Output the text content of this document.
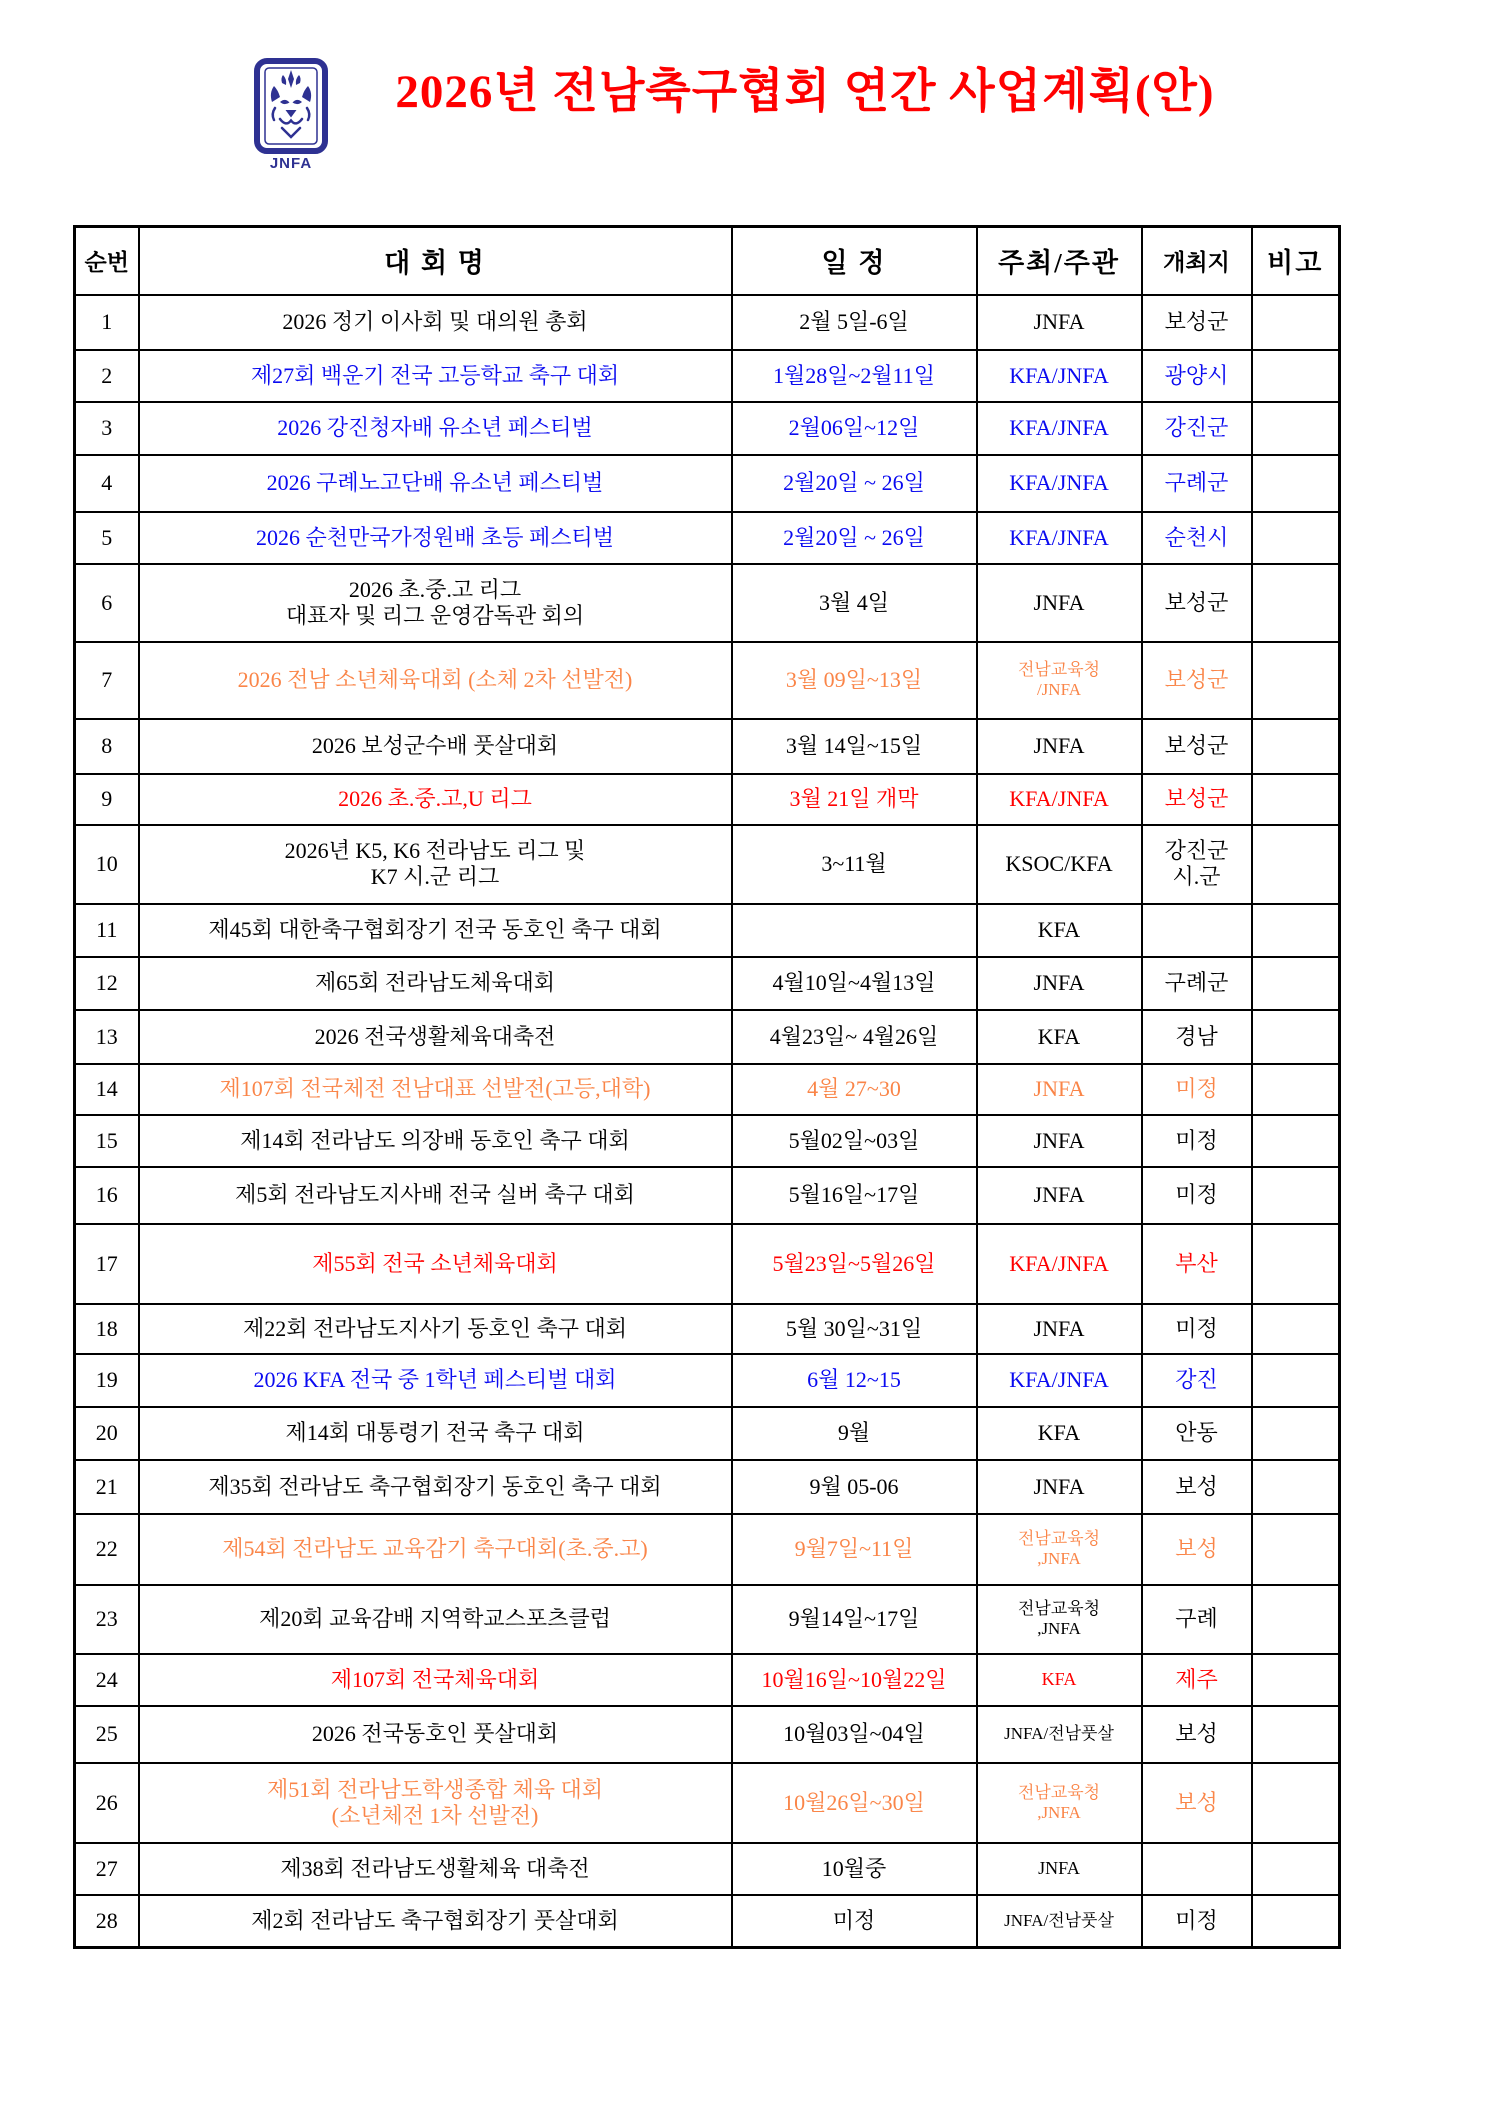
JNFA
2026년 전남축구협회 연간 사업계획(안)
순번	대 회 명	일 정	주최/주관	개최지	비고

1	2026 정기 이사회 및 대의원 총회	2월 5일-6일	JNFA	보성군	

2	제27회 백운기 전국 고등학교 축구 대회	1월28일~2월11일	KFA/JNFA	광양시	

3	2026 강진청자배 유소년 페스티벌	2월06일~12일	KFA/JNFA	강진군	

4	2026 구례노고단배 유소년 페스티벌	2월20일 ~ 26일	KFA/JNFA	구례군	

5	2026 순천만국가정원배 초등 페스티벌	2월20일 ~ 26일	KFA/JNFA	순천시	

6	2026 초.중.고 리그
대표자 및 리그 운영감독관 회의	3월 4일	JNFA	보성군	

7	2026 전남 소년체육대회 (소체 2차 선발전)	3월 09일~13일	전남교육청
/JNFA	보성군	

8	2026 보성군수배 풋살대회	3월 14일~15일	JNFA	보성군	

9	2026 초.중.고,U 리그	3월 21일 개막	KFA/JNFA	보성군	

10	2026년 K5, K6 전라남도 리그 및
K7 시.군 리그	3~11월	KSOC/KFA	강진군
시.군	

11	제45회 대한축구협회장기 전국 동호인 축구 대회		KFA		

12	제65회 전라남도체육대회	4월10일~4월13일	JNFA	구례군	

13	2026 전국생활체육대축전	4월23일~ 4월26일	KFA	경남	

14	제107회 전국체전 전남대표 선발전(고등,대학)	4월 27~30	JNFA	미정	

15	제14회 전라남도 의장배 동호인 축구 대회	5월02일~03일	JNFA	미정	

16	제5회 전라남도지사배 전국 실버 축구 대회	5월16일~17일	JNFA	미정	

17	제55회 전국 소년체육대회	5월23일~5월26일	KFA/JNFA	부산	

18	제22회 전라남도지사기 동호인 축구 대회	5월 30일~31일	JNFA	미정	

19	2026 KFA 전국 중 1학년 페스티벌 대회	6월 12~15	KFA/JNFA	강진	

20	제14회 대통령기 전국 축구 대회	9월	KFA	안동	

21	제35회 전라남도 축구협회장기 동호인 축구 대회	9월 05-06	JNFA	보성	

22	제54회 전라남도 교육감기 축구대회(초.중.고)	9월7일~11일	전남교육청
,JNFA	보성	

23	제20회 교육감배 지역학교스포츠클럽	9월14일~17일	전남교육청
,JNFA	구례	

24	제107회 전국체육대회	10월16일~10월22일	KFA	제주	

25	2026 전국동호인 풋살대회	10월03일~04일	JNFA/전남풋살	보성	

26	제51회 전라남도학생종합 체육 대회
(소년체전 1차 선발전)	10월26일~30일	전남교육청
,JNFA	보성	

27	제38회 전라남도생활체육 대축전	10월중	JNFA		

28	제2회 전라남도 축구협회장기 풋살대회	미정	JNFA/전남풋살	미정	
